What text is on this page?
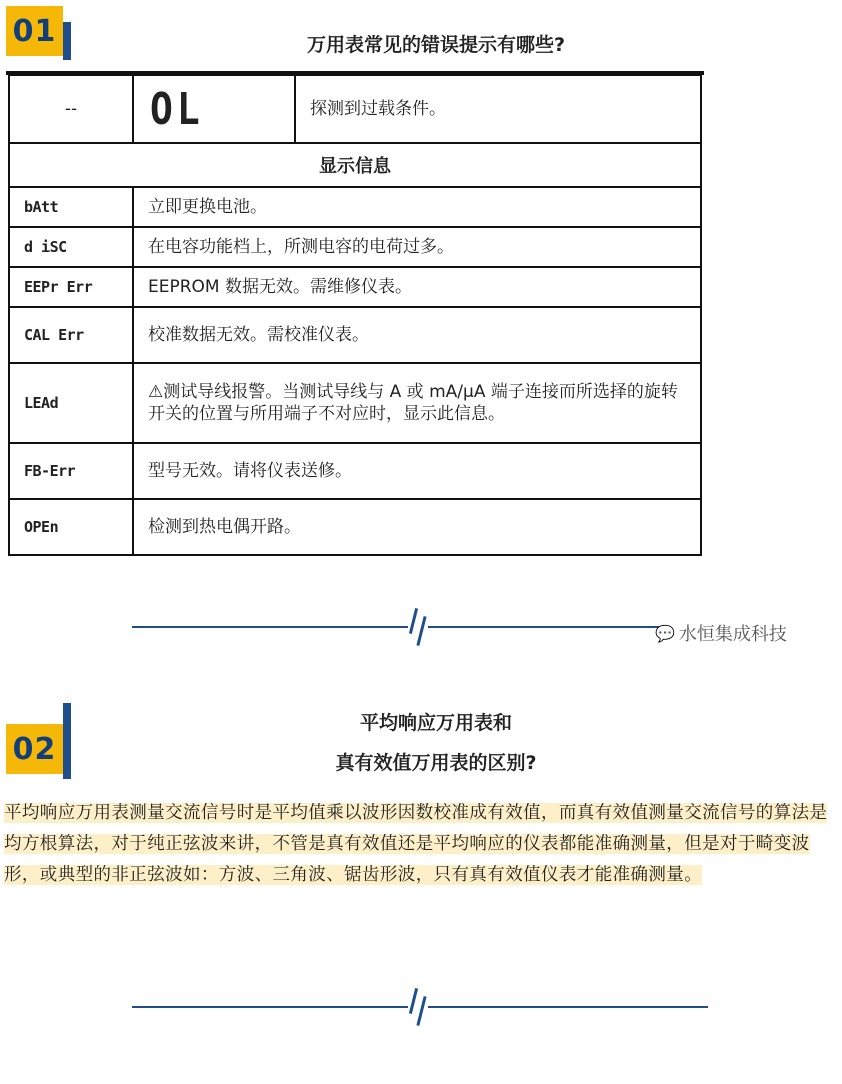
01	万用表常见的错误提示有哪些?
--	OL	探测到过载条件。
显示信息		
bAtt	立即更换电池。	
d iSC	在电容功能档上，所测电容的电荷过多。	
EEPr Err	EEPROM 数据无效。需维修仪表。	
CAL Err	校准数据无效。需校准仪表。	
LEAd	⚠测试导线报警。当测试导线与 A 或 mA/µA 端子连接而所选择的旋转开关的位置与所用端子不对应时，显示此信息。	
FB-Err	型号无效。请将仪表送修。	
OPEn	检测到热电偶开路。	
💬 水恒集成科技
02
平均响应万用表和
真有效值万用表的区别?

平均响应万用表测量交流信号时是平均值乘以波形因数校准成有效值，而真有效值测量交流信号的算法是均方根算法，对于纯正弦波来讲，不管是真有效值还是平均响应的仪表都能准确测量，但是对于畸变波形，或典型的非正弦波如：方波、三角波、锯齿形波，只有真有效值仪表才能准确测量。
